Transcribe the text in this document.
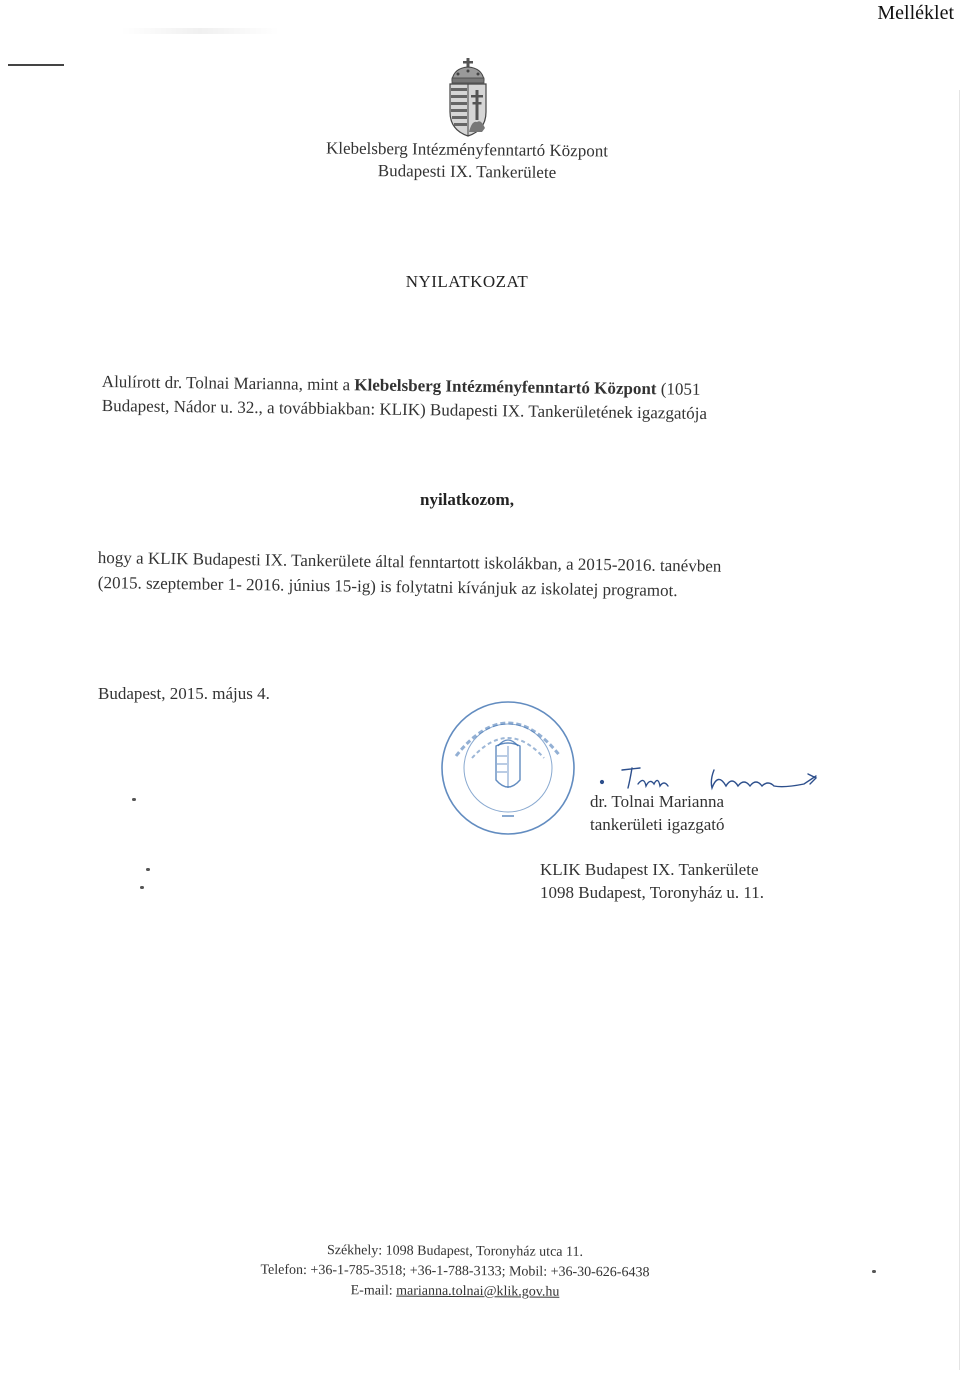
Melléklet
Klebelsberg Intézményfenntartó Központ
Budapesti IX. Tankerülete
NYILATKOZAT
Alulírott dr. Tolnai Marianna, mint a Klebelsberg Intézményfenntartó Központ (1051
Budapest, Nádor u. 32., a továbbiakban: KLIK) Budapesti IX. Tankerületének igazgatója
nyilatkozom,
hogy a KLIK Budapesti IX. Tankerülete által fenntartott iskolákban, a 2015-2016. tanévben
(2015. szeptember 1- 2016. június 15-ig) is folytatni kívánjuk az iskolatej programot.
Budapest, 2015. május 4.
dr. Tolnai Marianna
tankerületi igazgató
KLIK Budapest IX. Tankerülete
1098 Budapest, Toronyház u. 11.
Székhely: 1098 Budapest, Toronyház utca 11.
Telefon: +36-1-785-3518; +36-1-788-3133; Mobil: +36-30-626-6438
E-mail: marianna.tolnai@klik.gov.hu
